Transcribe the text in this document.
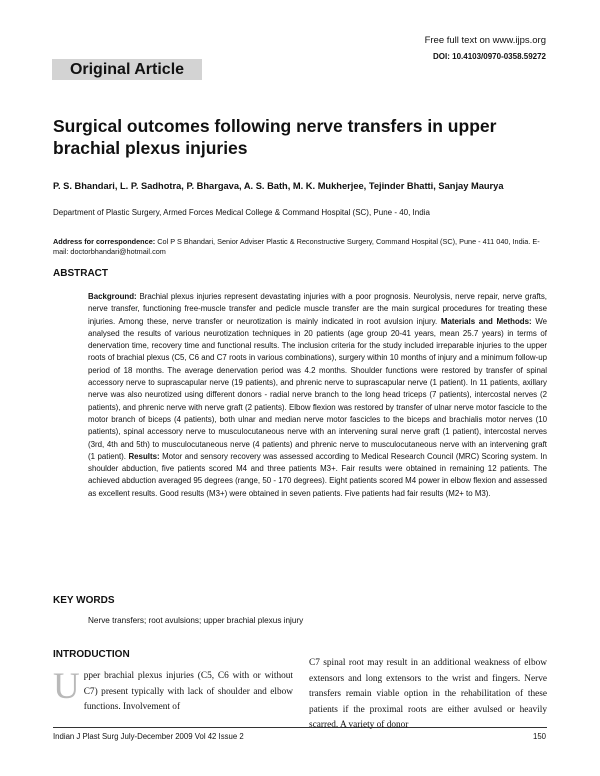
Free full text on www.ijps.org
DOI: 10.4103/0970-0358.59272
Original Article
Surgical outcomes following nerve transfers in upper brachial plexus injuries
P. S. Bhandari, L. P. Sadhotra, P. Bhargava, A. S. Bath, M. K. Mukherjee, Tejinder Bhatti, Sanjay Maurya
Department of Plastic Surgery, Armed Forces Medical College & Command Hospital (SC), Pune - 40, India
Address for correspondence: Col P S Bhandari, Senior Adviser Plastic & Reconstructive Surgery, Command Hospital (SC), Pune - 411 040, India. E-mail: doctorbhandari@hotmail.com
ABSTRACT
Background: Brachial plexus injuries represent devastating injuries with a poor prognosis. Neurolysis, nerve repair, nerve grafts, nerve transfer, functioning free-muscle transfer and pedicle muscle transfer are the main surgical procedures for treating these injuries. Among these, nerve transfer or neurotization is mainly indicated in root avulsion injury. Materials and Methods: We analysed the results of various neurotization techniques in 20 patients (age group 20-41 years, mean 25.7 years) in terms of denervation time, recovery time and functional results. The inclusion criteria for the study included irreparable injuries to the upper roots of brachial plexus (C5, C6 and C7 roots in various combinations), surgery within 10 months of injury and a minimum follow-up period of 18 months. The average denervation period was 4.2 months. Shoulder functions were restored by transfer of spinal accessory nerve to suprascapular nerve (19 patients), and phrenic nerve to suprascapular nerve (1 patient). In 11 patients, axillary nerve was also neurotized using different donors - radial nerve branch to the long head triceps (7 patients), intercostal nerves (2 patients), and phrenic nerve with nerve graft (2 patients). Elbow flexion was restored by transfer of ulnar nerve motor fascicle to the motor branch of biceps (4 patients), both ulnar and median nerve motor fascicles to the biceps and brachialis motor nerves (10 patients), spinal accessory nerve to musculocutaneous nerve with an intervening sural nerve graft (1 patient), intercostal nerves (3rd, 4th and 5th) to musculocutaneous nerve (4 patients) and phrenic nerve to musculocutaneous nerve with an intervening graft (1 patient). Results: Motor and sensory recovery was assessed according to Medical Research Council (MRC) Scoring system. In shoulder abduction, five patients scored M4 and three patients M3+. Fair results were obtained in remaining 12 patients. The achieved abduction averaged 95 degrees (range, 50 - 170 degrees). Eight patients scored M4 power in elbow flexion and assessed as excellent results. Good results (M3+) were obtained in seven patients. Five patients had fair results (M2+ to M3).
KEY WORDS
Nerve transfers; root avulsions; upper brachial plexus injury
INTRODUCTION
U pper brachial plexus injuries (C5, C6 with or without C7) present typically with lack of shoulder and elbow functions. Involvement of
C7 spinal root may result in an additional weakness of elbow extensors and long extensors to the wrist and fingers. Nerve transfers remain viable option in the rehabilitation of these patients if the proximal roots are either avulsed or heavily scarred. A variety of donor
Indian J Plast Surg July-December 2009 Vol 42 Issue 2	150
